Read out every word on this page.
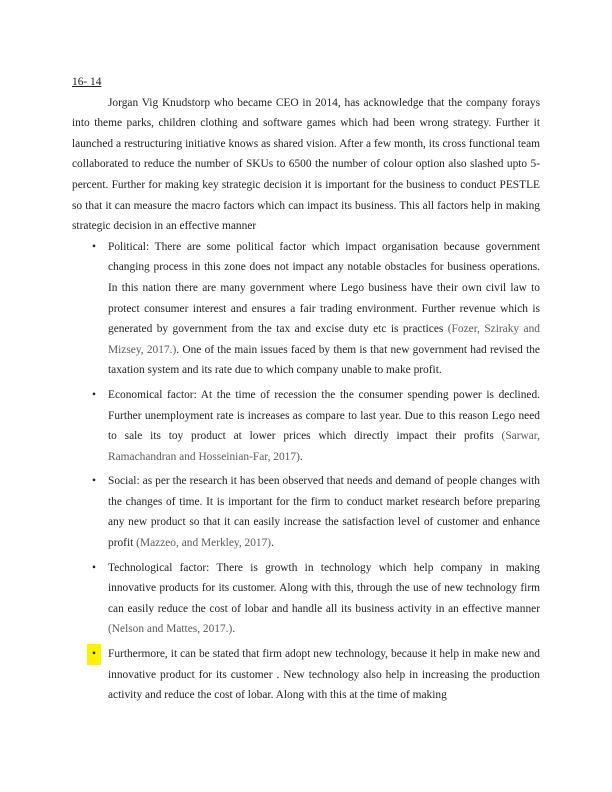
16- 14

Jorgan Vig Knudstorp who became CEO in 2014, has acknowledge that the company forays into theme parks, children clothing and software games which had been wrong strategy. Further it launched a restructuring initiative knows as shared vision. After a few month, its cross functional team collaborated to reduce the number of SKUs to 6500 the number of colour option also slashed upto 5- percent. Further for making key strategic decision it is important for the business to conduct PESTLE so that it can measure the macro factors which can impact its business. This all factors help in making strategic decision in an effective manner

• Political: There are some political factor which impact organisation because government changing process in this zone does not impact any notable obstacles for business operations. In this nation there are many government where Lego business have their own civil law to protect consumer interest and ensures a fair trading environment. Further revenue which is generated by government from the tax and excise duty etc is practices (Fozer, Sziraky and Mizsey, 2017.). One of the main issues faced by them is that new government had revised the taxation system and its rate due to which company unable to make profit.
• Economical factor: At the time of recession the the consumer spending power is declined. Further unemployment rate is increases as compare to last year. Due to this reason Lego need to sale its toy product at lower prices which directly impact their profits (Sarwar, Ramachandran and Hosseinian-Far, 2017).
• Social: as per the research it has been observed that needs and demand of people changes with the changes of time. It is important for the firm to conduct market research before preparing any new product so that it can easily increase the satisfaction level of customer and enhance profit (Mazzeo, and Merkley, 2017).
• Technological factor: There is growth in technology which help company in making innovative products for its customer. Along with this, through the use of new technology firm can easily reduce the cost of lobar and handle all its business activity in an effective manner (Nelson and Mattes, 2017.).
•	Furthermore, it can be stated that firm adopt new technology, because it help in make new and innovative product for its customer . New technology also help in increasing the production activity and reduce the cost of lobar. Along with this at the time of making
